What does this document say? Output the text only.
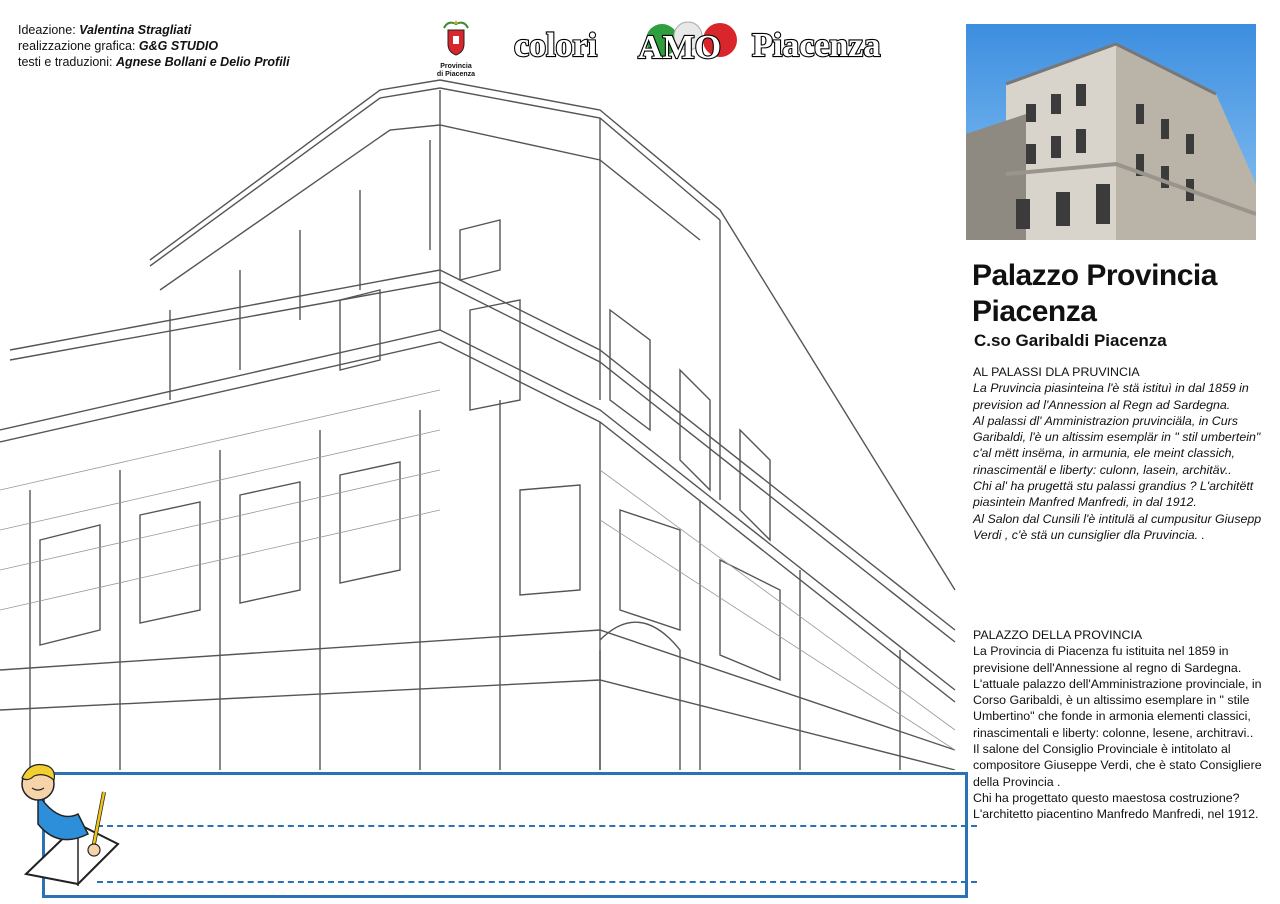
Ideazione: Valentina Stragliati
realizzazione grafica: G&G STUDIO
testi e traduzioni: Agnese Bollani e Delio Profili	Provincia
di Piacenza
colori AMO Piacenza
Palazzo Provincia
Piacenza
C.so Garibaldi Piacenza

AL PALASSI DLA PRUVINCIA

La Pruvincia piasinteina l'è stä istituì in dal 1859 in prevision ad l'Annession al Regn ad Sardegna.

Al palassi dl' Amministrazion pruvinciäla, in Curs Garibaldi, l'è un altissim esemplär in " stil umbertein" c'al mëtt insëma, in armunia, ele meint classich, rinascimentäl e liberty: culonn, lasein, architäv..

Chi al' ha prugettä stu palassi grandius ? L'architëtt piasintein Manfred Manfredi, in dal 1912.

Al Salon dal Cunsili l'è intitulä al cumpusitur Giusepp Verdi , c'è stä un cunsiglier dla Pruvincia. .

PALAZZO DELLA PROVINCIA

La Provincia di Piacenza fu istituita nel 1859 in previsione dell'Annessione al regno di Sardegna.

L'attuale palazzo dell'Amministrazione provinciale, in Corso Garibaldi, è un altissimo esemplare in " stile Umbertino" che fonde in armonia elementi classici, rinascimentali e liberty: colonne, lesene, architravi..

Il salone del Consiglio Provinciale è intitolato al compositore Giuseppe Verdi, che è stato Consigliere della Provincia .

Chi ha progettato questo maestosa costruzione? L'architetto piacentino Manfredo Manfredi, nel 1912.
